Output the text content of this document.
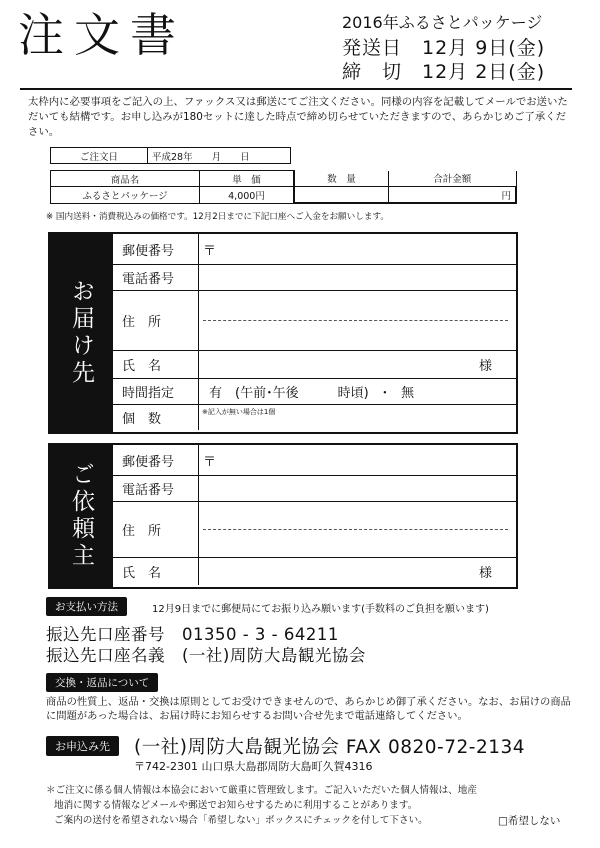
注文書	2016年ふるさとパッケージ
発送日　12月 9日(金)
締　切　12月 2日(金)
太枠内に必要事項をご記入の上、ファックス又は郵送にてご注文ください。同様の内容を記載してメールでお送いただいても結構です。お申し込みが180セットに達した時点で締め切らせていただきますので、あらかじめご了承ください。
ご注文日	平成28年　　月　　日
商品名	単　価	数　量	合計金額
ふるさとパッケージ	4,000円		円
※ 国内送料・消費税込みの価格です。12月2日までに下記口座へご入金をお願いします。
お届け先
郵便番号	〒
電話番号
住　所
氏　名	様
時間指定	有　(午前･午後　　　時頃)　･　無
個　数	※記入が無い場合は1個
ご依頼主	郵便番号	〒
電話番号
住　所
氏　名	様
お支払い方法	12月9日までに郵便局にてお振り込み願います(手数料のご負担を願います)
振込先口座番号　01350 - 3 - 64211
振込先口座名義　(一社)周防大島観光協会
交換・返品について
商品の性質上、返品・交換は原則としてお受けできませんので、あらかじめ御了承ください。なお、お届けの商品に問題があった場合は、お届け時にお知らせするお問い合せ先まで電話連絡してください。
お申込み先	(一社)周防大島観光協会 FAX 0820-72-2134
〒742-2301 山口県大島郡周防大島町久賀4316
＊ご注文に係る個人情報は本協会において厳重に管理致します。ご記入いただいた個人情報は、地産
地消に関する情報などメールや郵送でお知らせするために利用することがあります。
ご案内の送付を希望されない場合「希望しない」ボックスにチェックを付して下さい。	□希望しない
